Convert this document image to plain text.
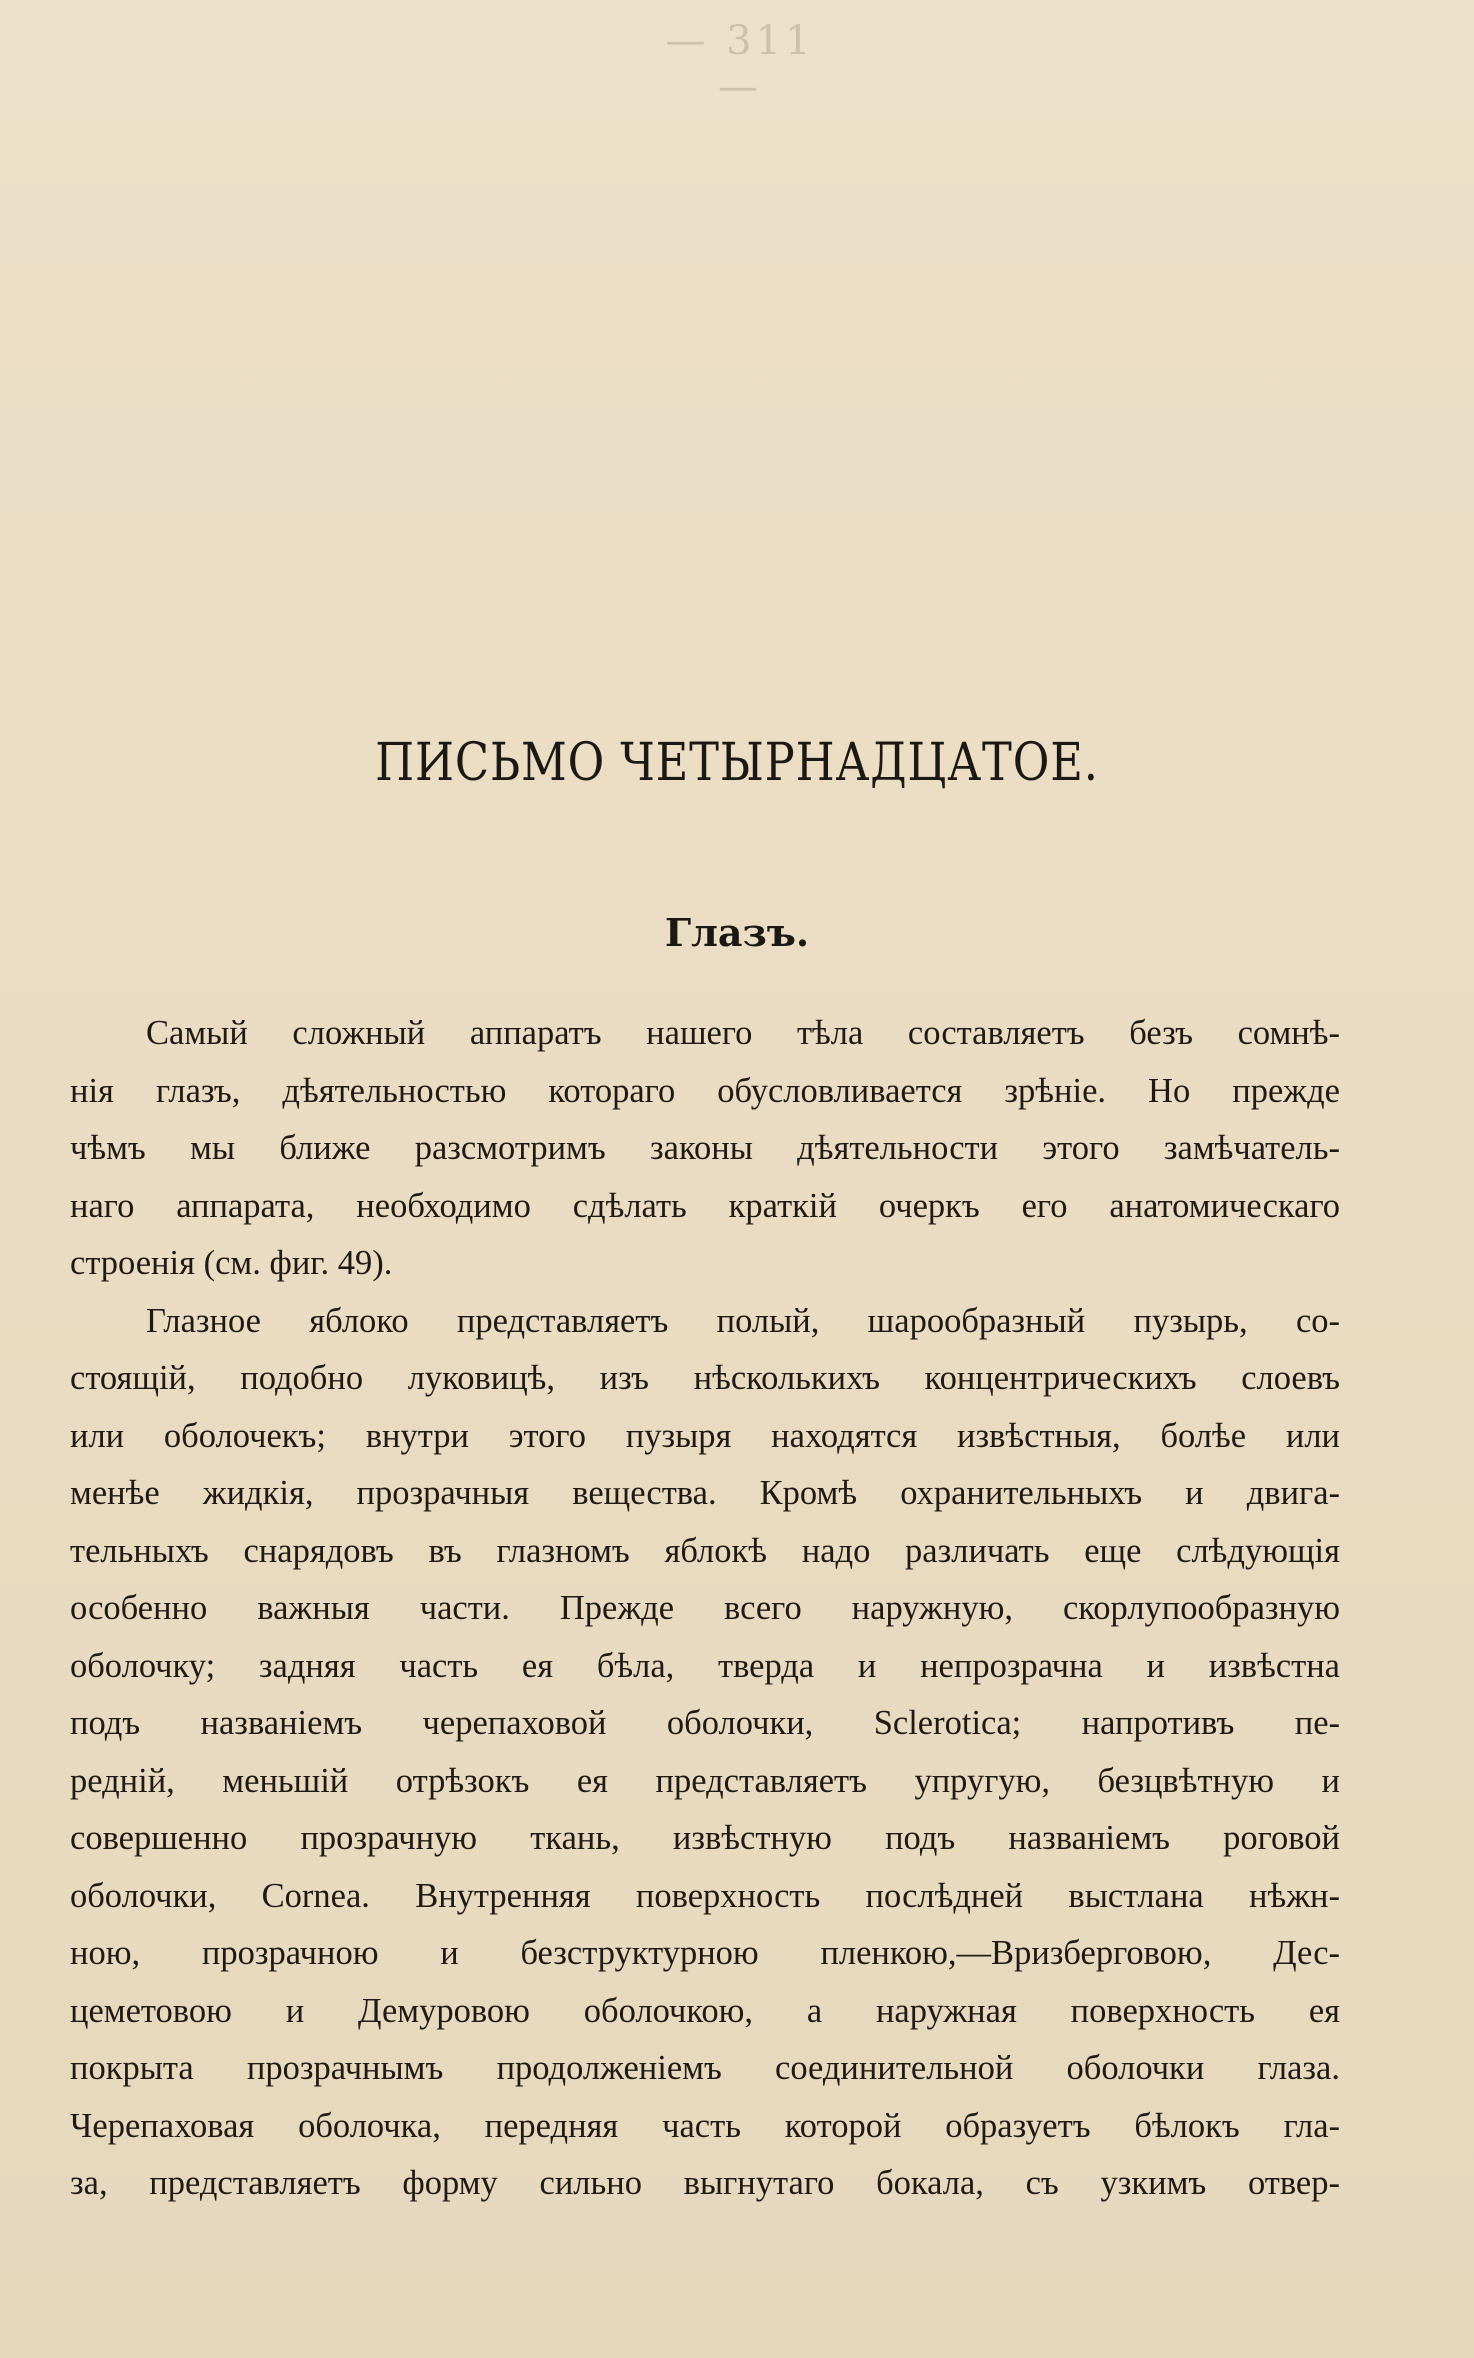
— 311 —

ПИСЬМО ЧЕТЫРНАДЦАТОЕ.
Глазъ.
Самый сложный аппаратъ нашего тѣла составляетъ безъ сомнѣ-
нія глазъ, дѣятельностью котораго обусловливается зрѣніе. Но прежде
чѣмъ мы ближе разсмотримъ законы дѣятельности этого замѣчатель-
наго аппарата, необходимо сдѣлать краткій очеркъ его анатомическаго
строенія (см. фиг. 49).
Глазное яблоко представляетъ полый, шарообразный пузырь, со-
стоящій, подобно луковицѣ, изъ нѣсколькихъ концентрическихъ слоевъ
или оболочекъ; внутри этого пузыря находятся извѣстныя, болѣе или
менѣе жидкія, прозрачныя вещества. Кромѣ охранительныхъ и двига-
тельныхъ снарядовъ въ глазномъ яблокѣ надо различать еще слѣдующія
особенно важныя части. Прежде всего наружную, скорлупообразную
оболочку; задняя часть ея бѣла, тверда и непрозрачна и извѣстна
подъ названіемъ черепаховой оболочки, Sclerotica; напротивъ пе-
редній, меньшій отрѣзокъ ея представляетъ упругую, безцвѣтную и
совершенно прозрачную ткань, извѣстную подъ названіемъ роговой
оболочки, Cornea. Внутренняя поверхность послѣдней выстлана нѣжн-
ною, прозрачною и безструктурною пленкою,—Вризберговою, Дес-
цеметовою и Демуровою оболочкою, а наружная поверхность ея
покрыта прозрачнымъ продолженіемъ соединительной оболочки глаза.
Черепаховая оболочка, передняя часть которой образуетъ бѣлокъ гла-
за, представляетъ форму сильно выгнутаго бокала, съ узкимъ отвер-
